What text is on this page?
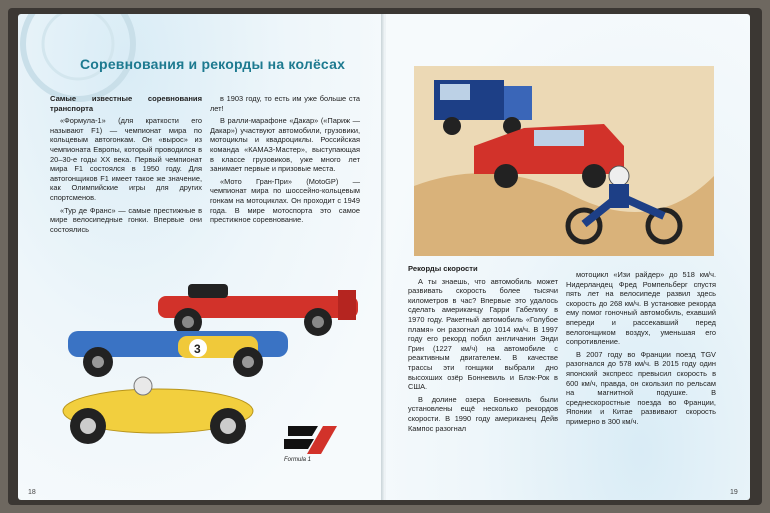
Соревнования и рекорды на колёсах

Самые известные соревнования транспорта

«Формула-1» (для краткости его называют F1) — чемпионат мира по кольцевым автогонкам. Он «вырос» из чемпионата Европы, который проводился в 20–30-е годы XX века. Первый чемпионат мира F1 состоялся в 1950 году. Для автогонщиков F1 имеет такое же значение, как Олимпийские игры для других спортсменов.

«Тур де Франс» — самые престижные в мире велосипедные гонки. Впервые они состоялись

в 1903 году, то есть им уже больше ста лет!

В ралли-марафоне «Дакар» («Париж — Дакар») участвуют автомобили, грузовики, мотоциклы и квадроциклы. Российская команда «КАМАЗ-Мастер», выступающая в классе грузовиков, уже много лет занимает первые и призовые места.

«Мото Гран-При» (MotoGP) — чемпионат мира по шоссейно-кольцевым гонкам на мотоциклах. Он проходит с 1949 года. В мире мотоспорта это самое престижное соревнование.

3
Formula 1
18

Рекорды скорости

А ты знаешь, что автомобиль может развивать скорость более тысячи километров в час? Впервые это удалось сделать американцу Гарри Габелиху в 1970 году. Ракетный автомобиль «Голубое пламя» он разогнал до 1014 км/ч. В 1997 году его рекорд побил англичанин Энди Грин (1227 км/ч) на автомобиле с реактивным двигателем. В качестве трассы эти гонщики выбрали дно высохших озёр Бонневиль и Блэк-Рок в США.

В долине озера Бонневиль были установлены ещё несколько рекордов скорости. В 1990 году американец Дейв Кампос разогнал

мотоцикл «Изи райдер» до 518 км/ч. Нидерландец Фред Ромпельберг спустя пять лет на велосипеде развил здесь скорость до 268 км/ч. В установке рекорда ему помог гоночный автомобиль, ехавший впереди и рассекавший перед велогонщиком воздух, уменьшая его сопротивление.

В 2007 году во Франции поезд TGV разогнался до 578 км/ч. В 2015 году один японский экспресс превысил скорость в 600 км/ч, правда, он скользил по рельсам на магнитной подушке. В среднескоростные поезда во Франции, Японии и Китае развивают скорость примерно в 300 км/ч.

19
